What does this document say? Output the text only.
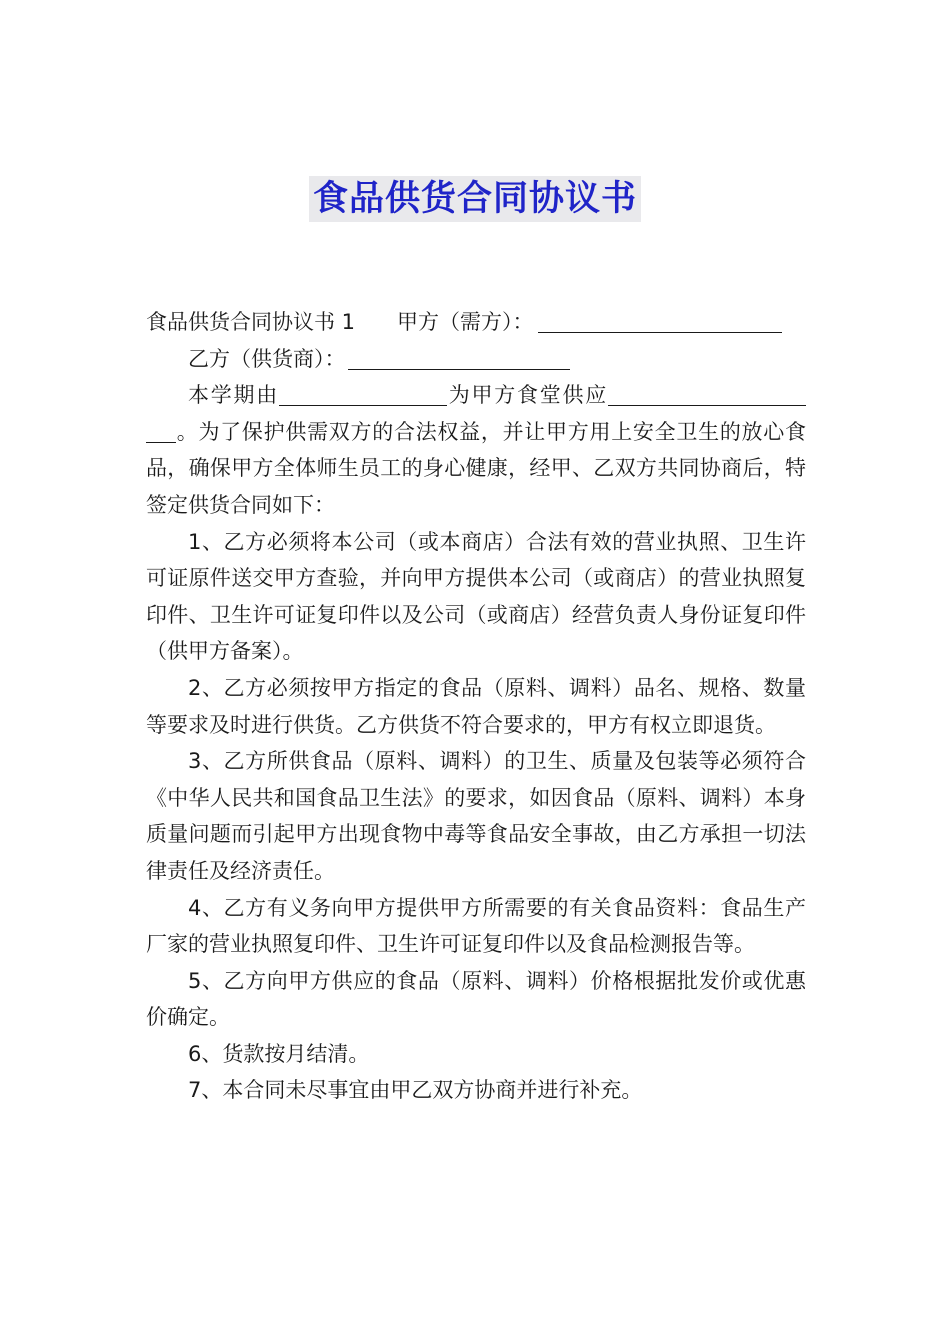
食品供货合同协议书

食品供货合同协议书 1 甲方（需方）：

乙方（供货商）：

本学期由	为甲方食堂供应。为了保护供需双方的合法权益，并让甲方用上安全卫生的放心食品，确保甲方全体师生员工的身心健康，经甲、乙双方共同协商后，特签定供货合同如下：

1、乙方必须将本公司（或本商店）合法有效的营业执照、卫生许可证原件送交甲方查验，并向甲方提供本公司（或商店）的营业执照复印件、卫生许可证复印件以及公司（或商店）经营负责人身份证复印件（供甲方备案）。

2、乙方必须按甲方指定的食品（原料、调料）品名、规格、数量等要求及时进行供货。乙方供货不符合要求的，甲方有权立即退货。

3、乙方所供食品（原料、调料）的卫生、质量及包装等必须符合《中华人民共和国食品卫生法》的要求，如因食品（原料、调料）本身质量问题而引起甲方出现食物中毒等食品安全事故，由乙方承担一切法律责任及经济责任。

4、乙方有义务向甲方提供甲方所需要的有关食品资料：食品生产厂家的营业执照复印件、卫生许可证复印件以及食品检测报告等。

5、乙方向甲方供应的食品（原料、调料）价格根据批发价或优惠价确定。

6、货款按月结清。

7、本合同未尽事宜由甲乙双方协商并进行补充。
